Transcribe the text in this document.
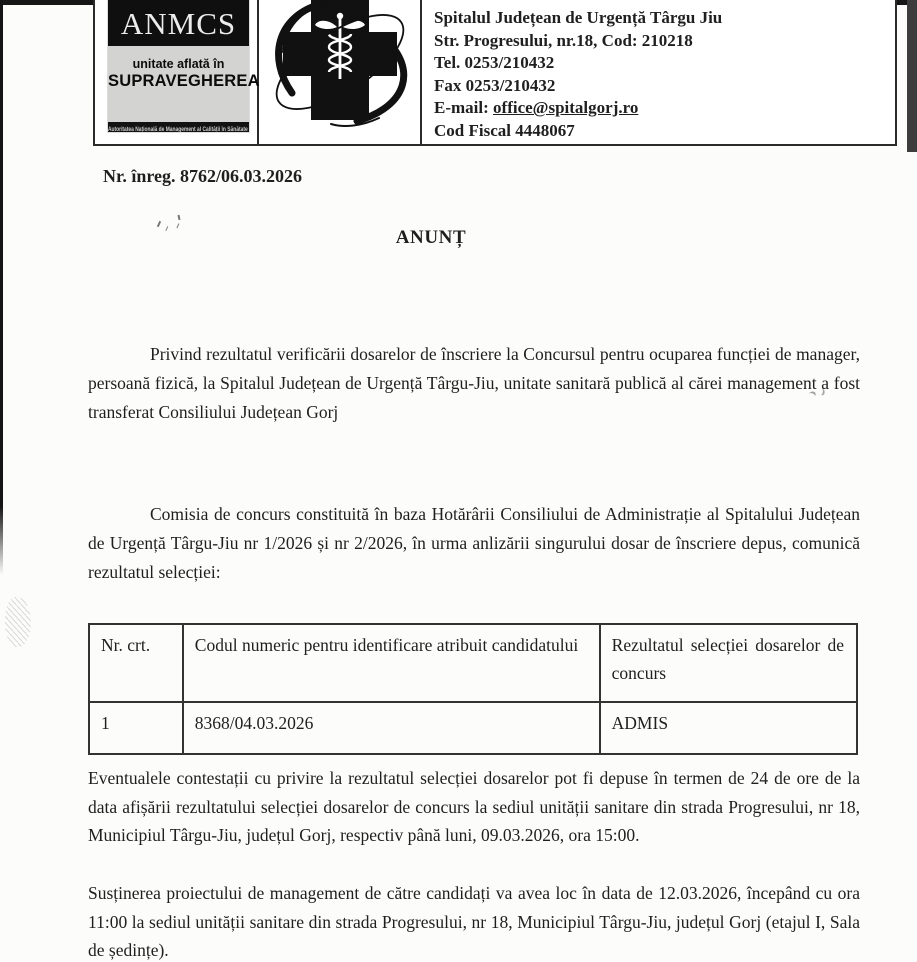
ANMCS
unitate aflată în
SUPRAVEGHEREA
Autoritatea Națională de Management al Calității în Sănătate
Spitalul Județean de Urgență Târgu Jiu
Str. Progresului, nr.18, Cod: 210218
Tel. 0253/210432
Fax 0253/210432
E-mail: office@spitalgorj.ro
Cod Fiscal 4448067
Nr. înreg. 8762/06.03.2026
ANUNȚ

Privind rezultatul verificării dosarelor de înscriere la Concursul pentru ocuparea funcției de manager, persoană fizică, la Spitalul Județean de Urgență Târgu-Jiu, unitate sanitară publică al cărei management a fost transferat Consiliului Județean Gorj

Comisia de concurs constituită în baza Hotărârii Consiliului de Administrație al Spitalului Județean de Urgență Târgu-Jiu nr 1/2026 și nr 2/2026, în urma anlizării singurului dosar de înscriere depus, comunică rezultatul selecției:

Nr. crt.	Codul numeric pentru identificare atribuit candidatului	Rezultatul selecției dosarelor de concurs
1	8368/04.03.2026	ADMIS

Eventualele contestații cu privire la rezultatul selecției dosarelor pot fi depuse în termen de 24 de ore de la data afișării rezultatului selecției dosarelor de concurs la sediul unității sanitare din strada Progresului, nr 18, Municipiul Târgu-Jiu, județul Gorj, respectiv până luni, 09.03.2026, ora 15:00.

Susținerea proiectului de management de către candidați va avea loc în data de 12.03.2026, începând cu ora 11:00 la sediul unității sanitare din strada Progresului, nr 18, Municipiul Târgu-Jiu, județul Gorj (etajul I, Sala de ședințe).
